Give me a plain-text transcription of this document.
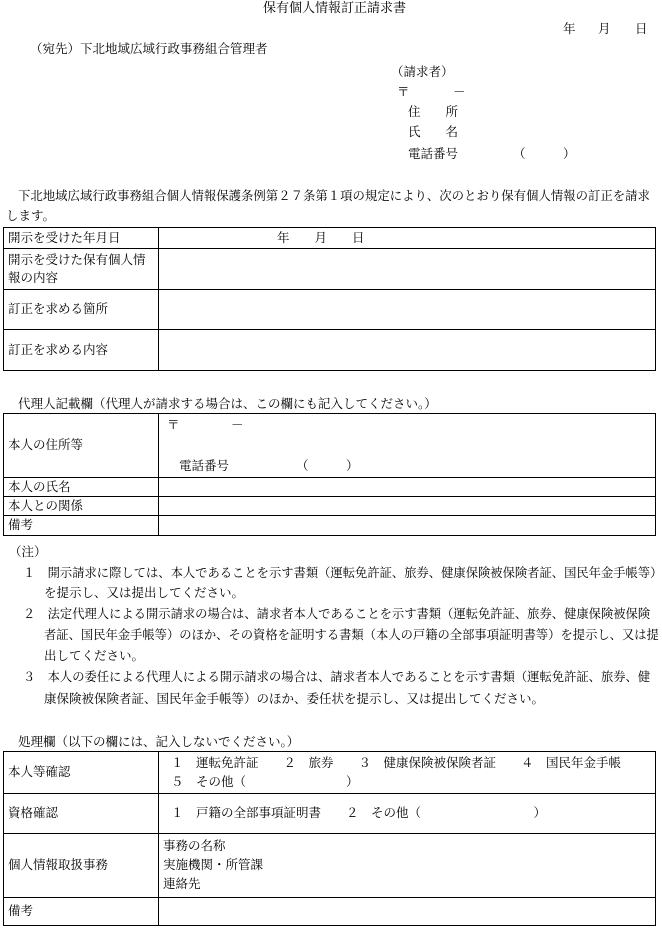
保有個人情報訂正請求書
年 月 日
（宛先）下北地域広域行政事務組合管理者
（請求者）
〒	－
住　　所
氏　　名
電話番号	（　　　）
下北地域広域行政事務組合個人情報保護条例第２７条第１項の規定により、次のとおり保有個人情報の訂正を請求
します。
開示を受けた年月日	年　　月　　日

開示を受けた保有個人情
報の内容	

訂正を求める箇所	
訂正を求める内容	
代理人記載欄（代理人が請求する場合は、この欄にも記入してください。）
本人の住所等	〒 －
電話番号 （　　　）

本人の氏名	
本人との関係	
備考	
（注）
１　開示請求に際しては、本人であることを示す書類（運転免許証、旅券、健康保険被保険者証、国民年金手帳等）
を提示し、又は提出してください。
２　法定代理人による開示請求の場合は、請求者本人であることを示す書類（運転免許証、旅券、健康保険被保険
者証、国民年金手帳等）のほか、その資格を証明する書類（本人の戸籍の全部事項証明書等）を提示し、又は提
出してください。
３　本人の委任による代理人による開示請求の場合は、請求者本人であることを示す書類（運転免許証、旅券、健
康保険被保険者証、国民年金手帳等）のほか、委任状を提示し、又は提出してください。
処理欄（以下の欄には、記入しないでください。）
本人等確認	１　運転免許証　　２　旅券　　３　健康保険被保険者証　　４　国民年金手帳
５　その他（　　　　　　　　）

資格確認	１　戸籍の全部事項証明書　　２　その他（　　　　　　　　　）
個人情報取扱事務	事務の名称
実施機関・所管課
連絡先

備考	
